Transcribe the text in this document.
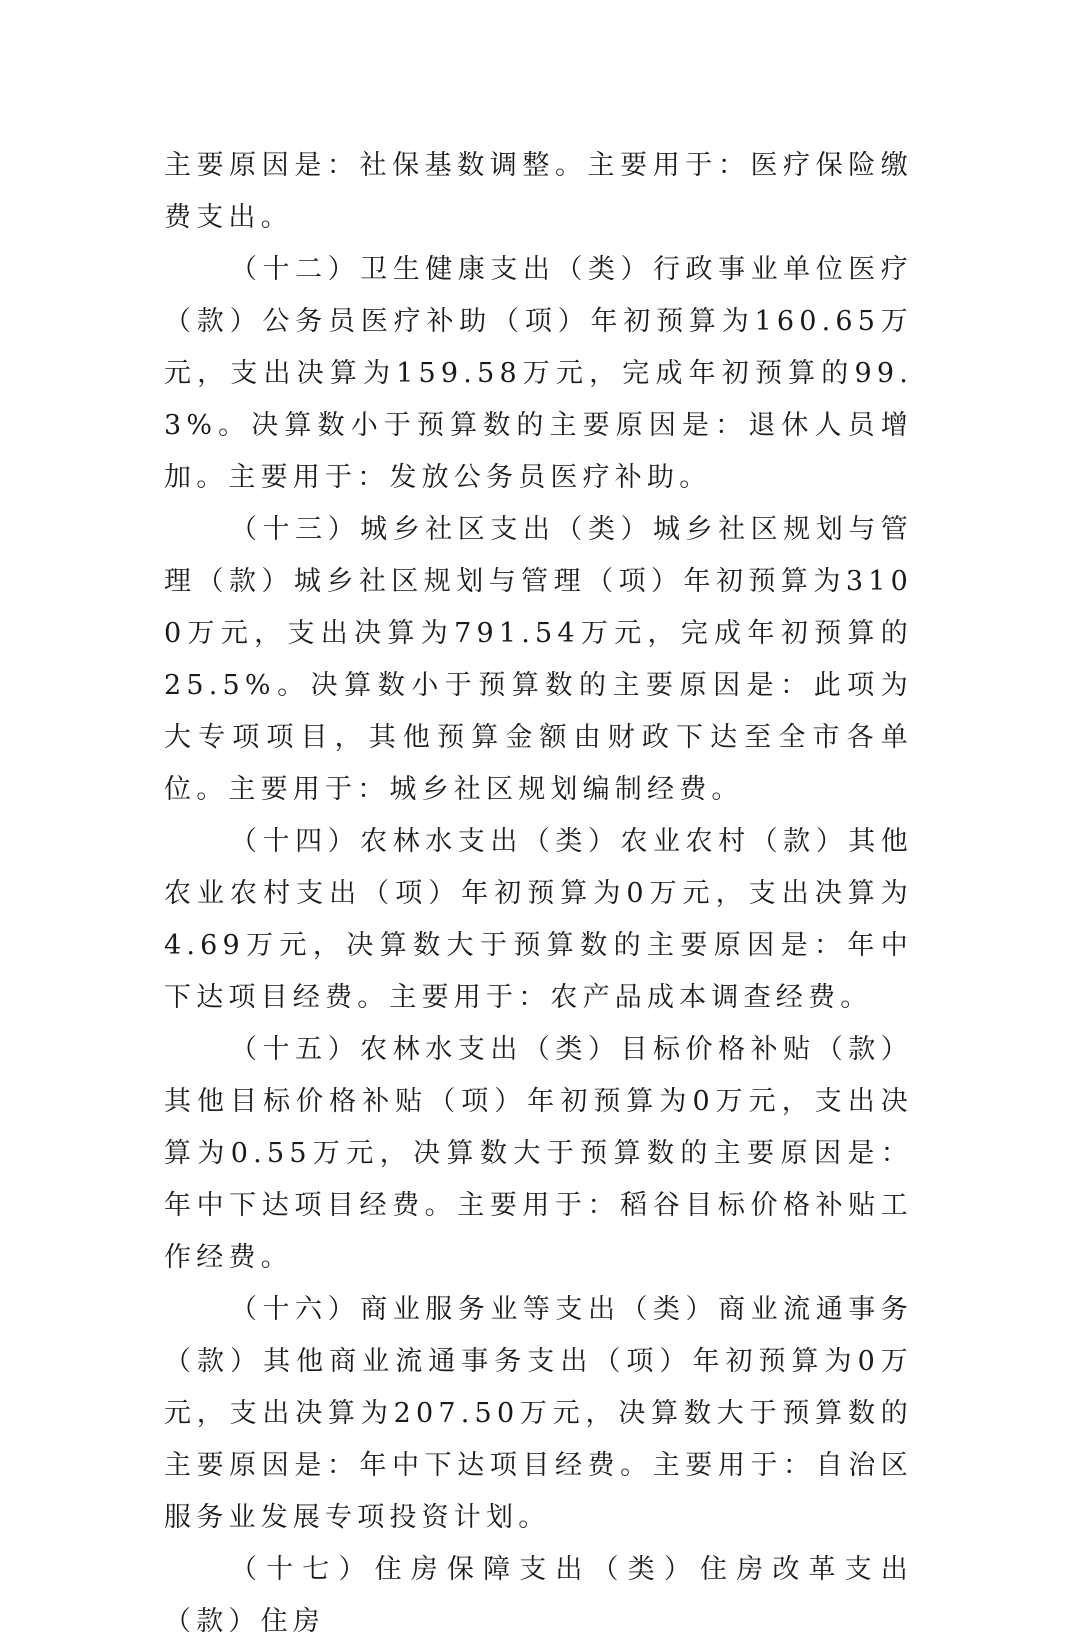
主要原因是：社保基数调整。主要用于：医疗保险缴费支出。

（十二）卫生健康支出（类）行政事业单位医疗（款）公务员医疗补助（项）年初预算为160.65万元，支出决算为159.58万元，完成年初预算的99.3%。决算数小于预算数的主要原因是：退休人员增加。主要用于：发放公务员医疗补助。

（十三）城乡社区支出（类）城乡社区规划与管理（款）城乡社区规划与管理（项）年初预算为3100万元，支出决算为791.54万元，完成年初预算的25.5%。决算数小于预算数的主要原因是：此项为大专项项目，其他预算金额由财政下达至全市各单位。主要用于：城乡社区规划编制经费。

（十四）农林水支出（类）农业农村（款）其他农业农村支出（项）年初预算为0万元，支出决算为4.69万元，决算数大于预算数的主要原因是：年中下达项目经费。主要用于：农产品成本调查经费。

（十五）农林水支出（类）目标价格补贴（款）其他目标价格补贴（项）年初预算为0万元，支出决算为0.55万元，决算数大于预算数的主要原因是：年中下达项目经费。主要用于：稻谷目标价格补贴工作经费。

（十六）商业服务业等支出（类）商业流通事务（款）其他商业流通事务支出（项）年初预算为0万元，支出决算为207.50万元，决算数大于预算数的主要原因是：年中下达项目经费。主要用于：自治区服务业发展专项投资计划。

（十七）住房保障支出（类）住房改革支出（款）住房
